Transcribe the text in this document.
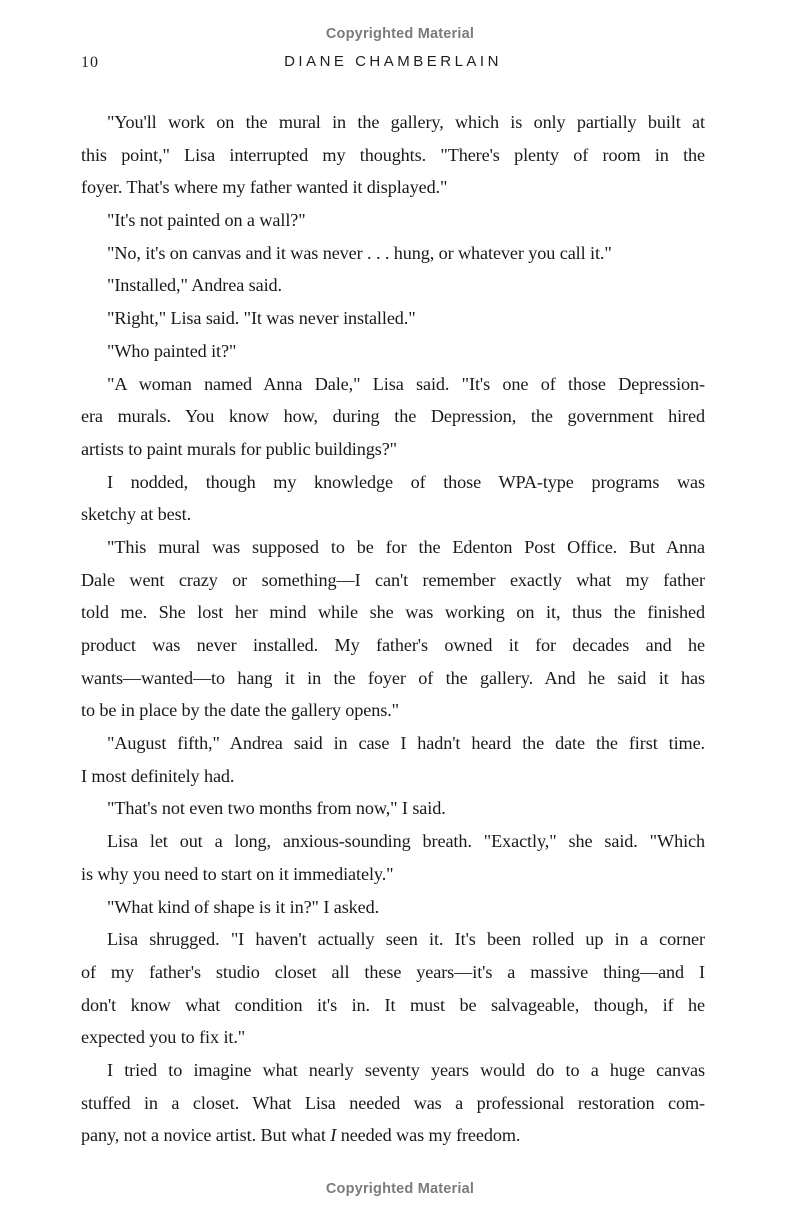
Copyrighted Material
10	DIANE CHAMBERLAIN
"You'll work on the mural in the gallery, which is only partially built at
this point," Lisa interrupted my thoughts. "There's plenty of room in the
foyer. That's where my father wanted it displayed."
"It's not painted on a wall?"
"No, it's on canvas and it was never . . . hung, or whatever you call it."
"Installed," Andrea said.
"Right," Lisa said. "It was never installed."
"Who painted it?"
"A woman named Anna Dale," Lisa said. "It's one of those Depression-
era murals. You know how, during the Depression, the government hired
artists to paint murals for public buildings?"
I nodded, though my knowledge of those WPA-type programs was
sketchy at best.
"This mural was supposed to be for the Edenton Post Office. But Anna
Dale went crazy or something—I can't remember exactly what my father
told me. She lost her mind while she was working on it, thus the finished
product was never installed. My father's owned it for decades and he
wants—wanted—to hang it in the foyer of the gallery. And he said it has
to be in place by the date the gallery opens."
"August fifth," Andrea said in case I hadn't heard the date the first time.
I most definitely had.
"That's not even two months from now," I said.
Lisa let out a long, anxious-sounding breath. "Exactly," she said. "Which
is why you need to start on it immediately."
"What kind of shape is it in?" I asked.
Lisa shrugged. "I haven't actually seen it. It's been rolled up in a corner
of my father's studio closet all these years—it's a massive thing—and I
don't know what condition it's in. It must be salvageable, though, if he
expected you to fix it."
I tried to imagine what nearly seventy years would do to a huge canvas
stuffed in a closet. What Lisa needed was a professional restoration com-
pany, not a novice artist. But what I needed was my freedom.
Copyrighted Material
